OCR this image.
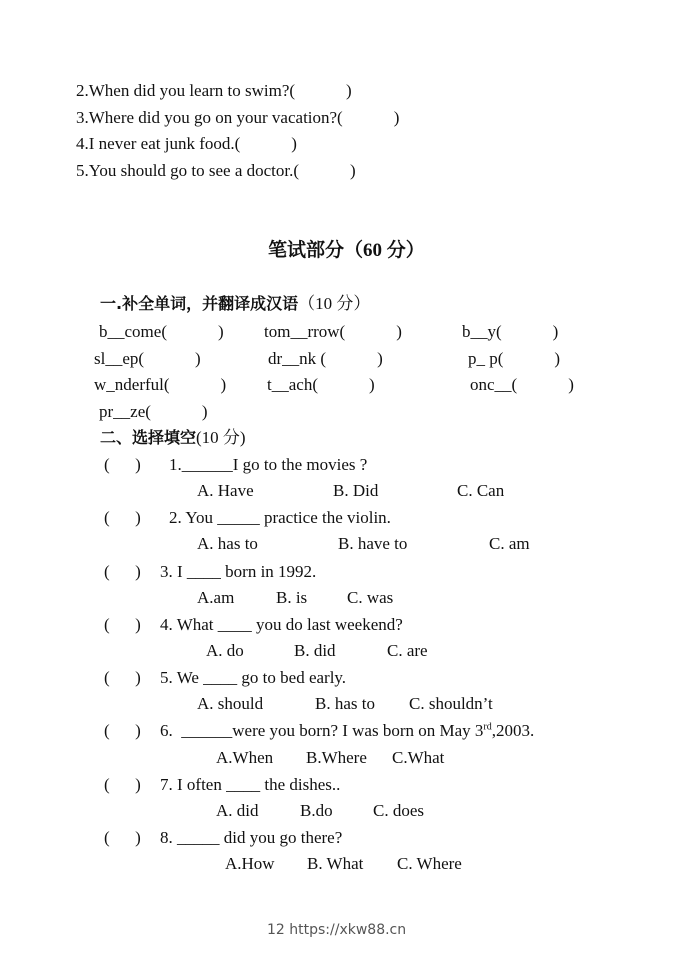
2.When did you learn to swim?(            )
3.Where did you go on your vacation?(            )
4.I never eat junk food.(            )
5.You should go to see a doctor.(            )
笔试部分（60 分）
一.补全单词，并翻译成汉语（10 分）
b__come(            ) tom__rrow(            )	b__y(            )
sl__ep(            )	dr__nk (            )	p_ p(            )
w_nderful(            ) t__ach(            )	onc__(            )
pr__ze(            )
二、选择填空(10 分)
(      ) 1.______I go to the movies ?
A. Have	B. Did	C. Can
(      ) 2. You _____ practice the violin.
A. has to	B. have to	C. am
(      ) 3. I ____ born in 1992.
A.am B. is C. was
(      ) 4. What ____ you do last weekend?
A. do	B. did	C. are
(      ) 5. We ____ go to bed early.
A. should	B. has to C. shouldn’t
(      ) 6.  ______were you born? I was born on May 3rd,2003.
A.When B.Where C.What
(      ) 7. I often ____ the dishes..
A. did B.do C. does
(      ) 8. _____ did you go there?
A.How B. What C. Where
12 https://xkw88.cn
